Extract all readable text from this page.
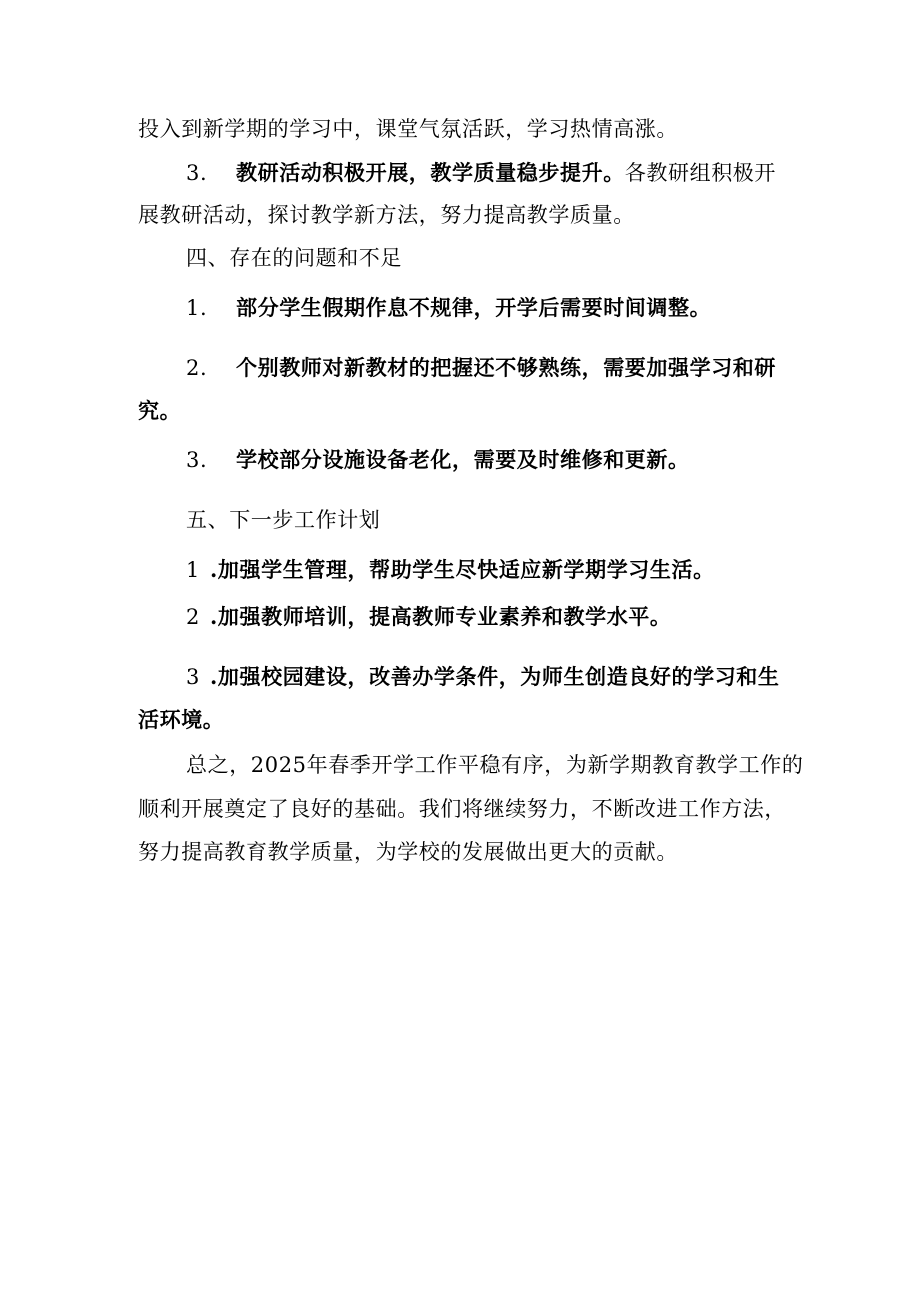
投入到新学期的学习中，课堂气氛活跃，学习热情高涨。
3. 教研活动积极开展，教学质量稳步提升。各教研组积极开
展教研活动，探讨教学新方法，努力提高教学质量。
四、存在的问题和不足
1. 部分学生假期作息不规律，开学后需要时间调整。
2. 个别教师对新教材的把握还不够熟练，需要加强学习和研
究。
3. 学校部分设施设备老化，需要及时维修和更新。
五、下一步工作计划
1 .加强学生管理，帮助学生尽快适应新学期学习生活。
2 .加强教师培训，提高教师专业素养和教学水平。
3 .加强校园建设，改善办学条件，为师生创造良好的学习和生
活环境。
总之，2025年春季开学工作平稳有序，为新学期教育教学工作的
顺利开展奠定了良好的基础。我们将继续努力，不断改进工作方法，
努力提高教育教学质量，为学校的发展做出更大的贡献。
